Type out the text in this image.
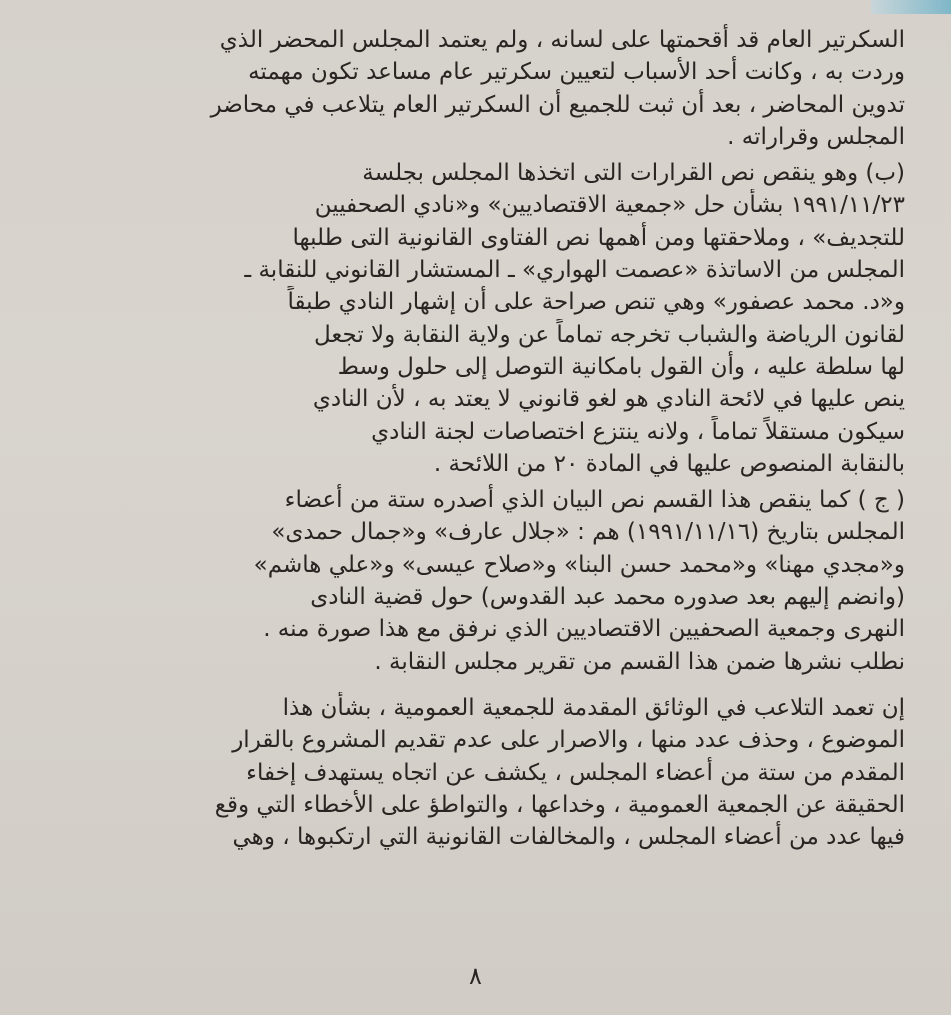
السكرتير العام قد أقحمتها على لسانه ، ولم يعتمد المجلس المحضر الذي
وردت به ، وكانت أحد الأسباب لتعيين سكرتير عام مساعد تكون مهمته
تدوين المحاضر ، بعد أن ثبت للجميع أن السكرتير العام يتلاعب في محاضر
المجلس وقراراته .

(ب) وهو ينقص نص القرارات التى اتخذها المجلس بجلسة
١٩٩١/١١/٢٣ بشأن حل «جمعية الاقتصاديين» و«نادي الصحفيين
للتجديف» ، وملاحقتها ومن أهمها نص الفتاوى القانونية التى طلبها
المجلس من الاساتذة «عصمت الهواري» ـ المستشار القانوني للنقابة ـ
و«د. محمد عصفور» وهي تنص صراحة على أن إشهار النادي طبقاً
لقانون الرياضة والشباب تخرجه تماماً عن ولاية النقابة ولا تجعل
لها سلطة عليه ، وأن القول بامكانية التوصل إلى حلول وسط
ينص عليها في لائحة النادي هو لغو قانوني لا يعتد به ، لأن النادي
سيكون مستقلاً تماماً ، ولانه ينتزع اختصاصات لجنة النادي
بالنقابة المنصوص عليها في المادة ٢٠ من اللائحة .

( ج ) كما ينقص هذا القسم نص البيان الذي أصدره ستة من أعضاء
المجلس بتاريخ (١٩٩١/١١/١٦) هم : «جلال عارف» و«جمال حمدى»
و«مجدي مهنا» و«محمد حسن البنا» و«صلاح عيسى» و«علي هاشم»
(وانضم إليهم بعد صدوره محمد عبد القدوس) حول قضية النادى
النهرى وجمعية الصحفيين الاقتصاديين الذي نرفق مع هذا صورة منه .
نطلب نشرها ضمن هذا القسم من تقرير مجلس النقابة .

إن تعمد التلاعب في الوثائق المقدمة للجمعية العمومية ، بشأن هذا
الموضوع ، وحذف عدد منها ، والاصرار على عدم تقديم المشروع بالقرار
المقدم من ستة من أعضاء المجلس ، يكشف عن اتجاه يستهدف إخفاء
الحقيقة عن الجمعية العمومية ، وخداعها ، والتواطؤ على الأخطاء التي وقع
فيها عدد من أعضاء المجلس ، والمخالفات القانونية التي ارتكبوها ، وهي

٨
